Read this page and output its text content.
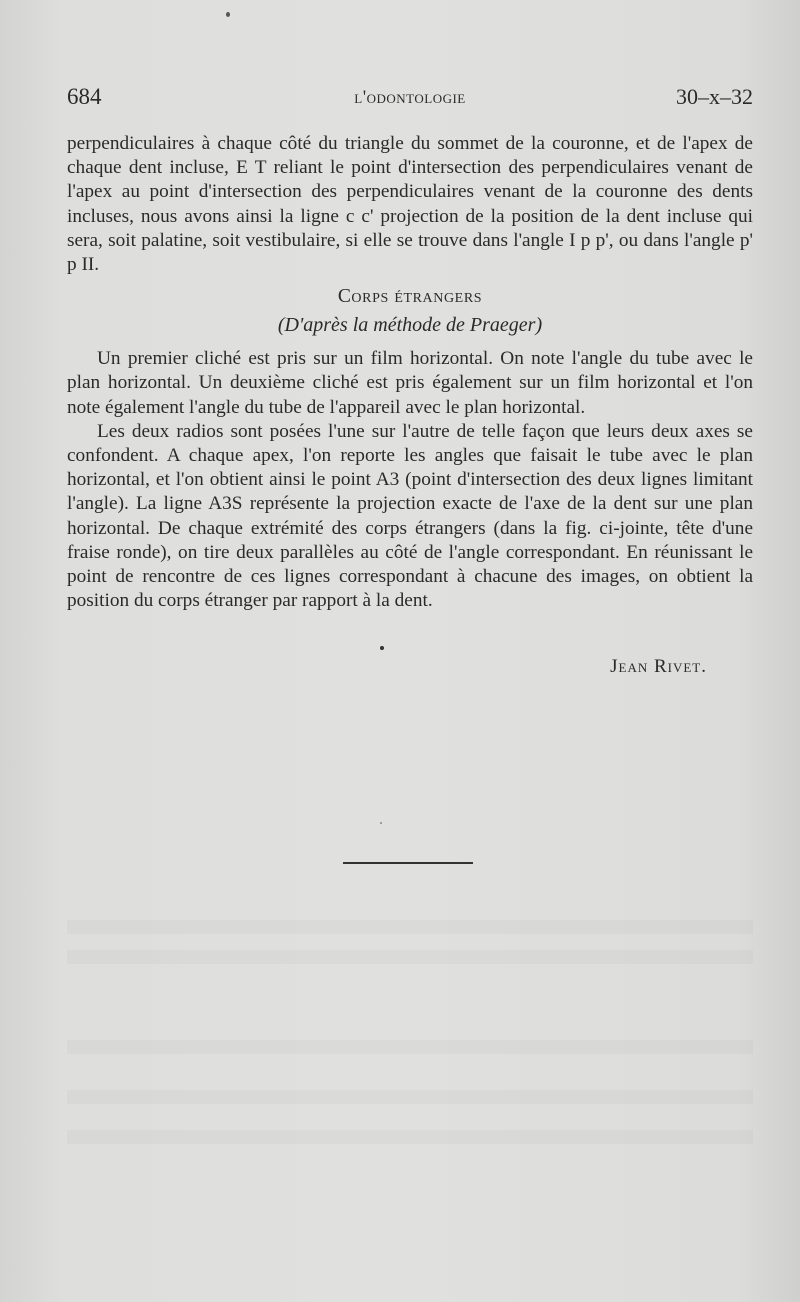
684	l'odontologie	30–x–32

perpendiculaires à chaque côté du triangle du sommet de la couronne, et de l'apex de chaque dent incluse, E T reliant le point d'intersection des perpendiculaires venant de l'apex au point d'intersection des perpendiculaires venant de la couronne des dents incluses, nous avons ainsi la ligne c c' projection de la position de la dent incluse qui sera, soit palatine, soit vestibulaire, si elle se trouve dans l'angle I p p', ou dans l'angle p' p II.

Corps étrangers
(D'après la méthode de Praeger)

Un premier cliché est pris sur un film horizontal. On note l'angle du tube avec le plan horizontal. Un deuxième cliché est pris également sur un film horizontal et l'on note également l'angle du tube de l'appareil avec le plan horizontal.

Les deux radios sont posées l'une sur l'autre de telle façon que leurs deux axes se confondent. A chaque apex, l'on reporte les angles que faisait le tube avec le plan horizontal, et l'on obtient ainsi le point A3 (point d'intersection des deux lignes limitant l'angle). La ligne A3S représente la projection exacte de l'axe de la dent sur une plan horizontal. De chaque extrémité des corps étrangers (dans la fig. ci-jointe, tête d'une fraise ronde), on tire deux parallèles au côté de l'angle correspondant. En réunissant le point de rencontre de ces lignes correspondant à chacune des images, on obtient la position du corps étranger par rapport à la dent.

Jean Rivet.
